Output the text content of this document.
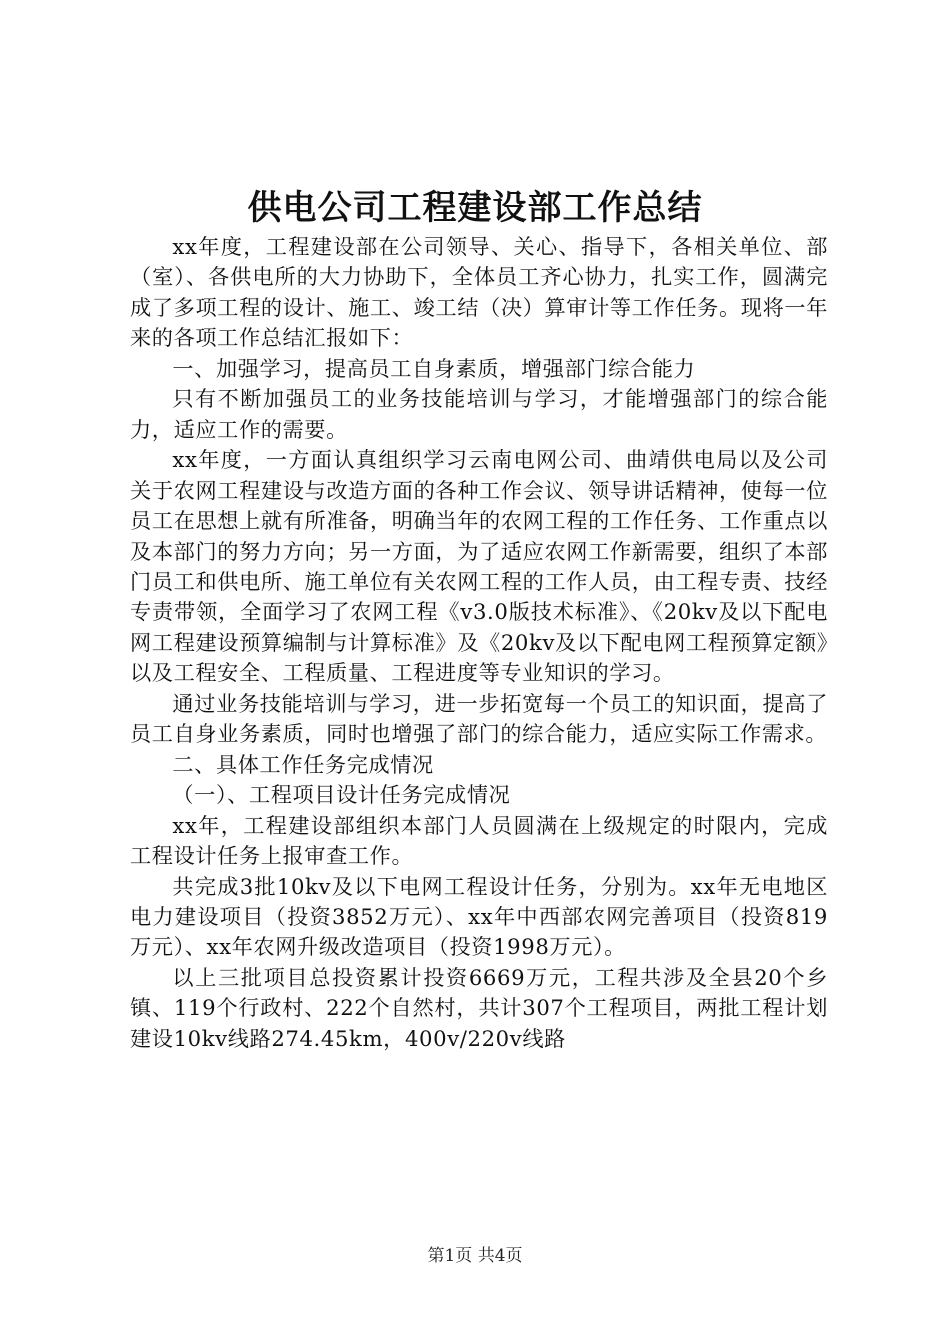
供电公司工程建设部工作总结

xx年度，工程建设部在公司领导、关心、指导下，各相关单位、部（室）、各供电所的大力协助下，全体员工齐心协力，扎实工作，圆满完成了多项工程的设计、施工、竣工结（决）算审计等工作任务。现将一年来的各项工作总结汇报如下：

一、加强学习，提高员工自身素质，增强部门综合能力

只有不断加强员工的业务技能培训与学习，才能增强部门的综合能力，适应工作的需要。

xx年度，一方面认真组织学习云南电网公司、曲靖供电局以及公司关于农网工程建设与改造方面的各种工作会议、领导讲话精神，使每一位员工在思想上就有所准备，明确当年的农网工程的工作任务、工作重点以及本部门的努力方向；另一方面，为了适应农网工作新需要，组织了本部门员工和供电所、施工单位有关农网工程的工作人员，由工程专责、技经专责带领，全面学习了农网工程《v3.0版技术标准》、《20kv及以下配电网工程建设预算编制与计算标准》及《20kv及以下配电网工程预算定额》以及工程安全、工程质量、工程进度等专业知识的学习。

通过业务技能培训与学习，进一步拓宽每一个员工的知识面，提高了员工自身业务素质，同时也增强了部门的综合能力，适应实际工作需求。

二、具体工作任务完成情况

（一）、工程项目设计任务完成情况

xx年，工程建设部组织本部门人员圆满在上级规定的时限内，完成工程设计任务上报审查工作。

共完成3批10kv及以下电网工程设计任务，分别为。xx年无电地区电力建设项目（投资3852万元）、xx年中西部农网完善项目（投资819万元）、xx年农网升级改造项目（投资1998万元）。

以上三批项目总投资累计投资6669万元，工程共涉及全县20个乡镇、119个行政村、222个自然村，共计307个工程项目，两批工程计划建设10kv线路274.45km，400v/220v线路

第1页 共4页
